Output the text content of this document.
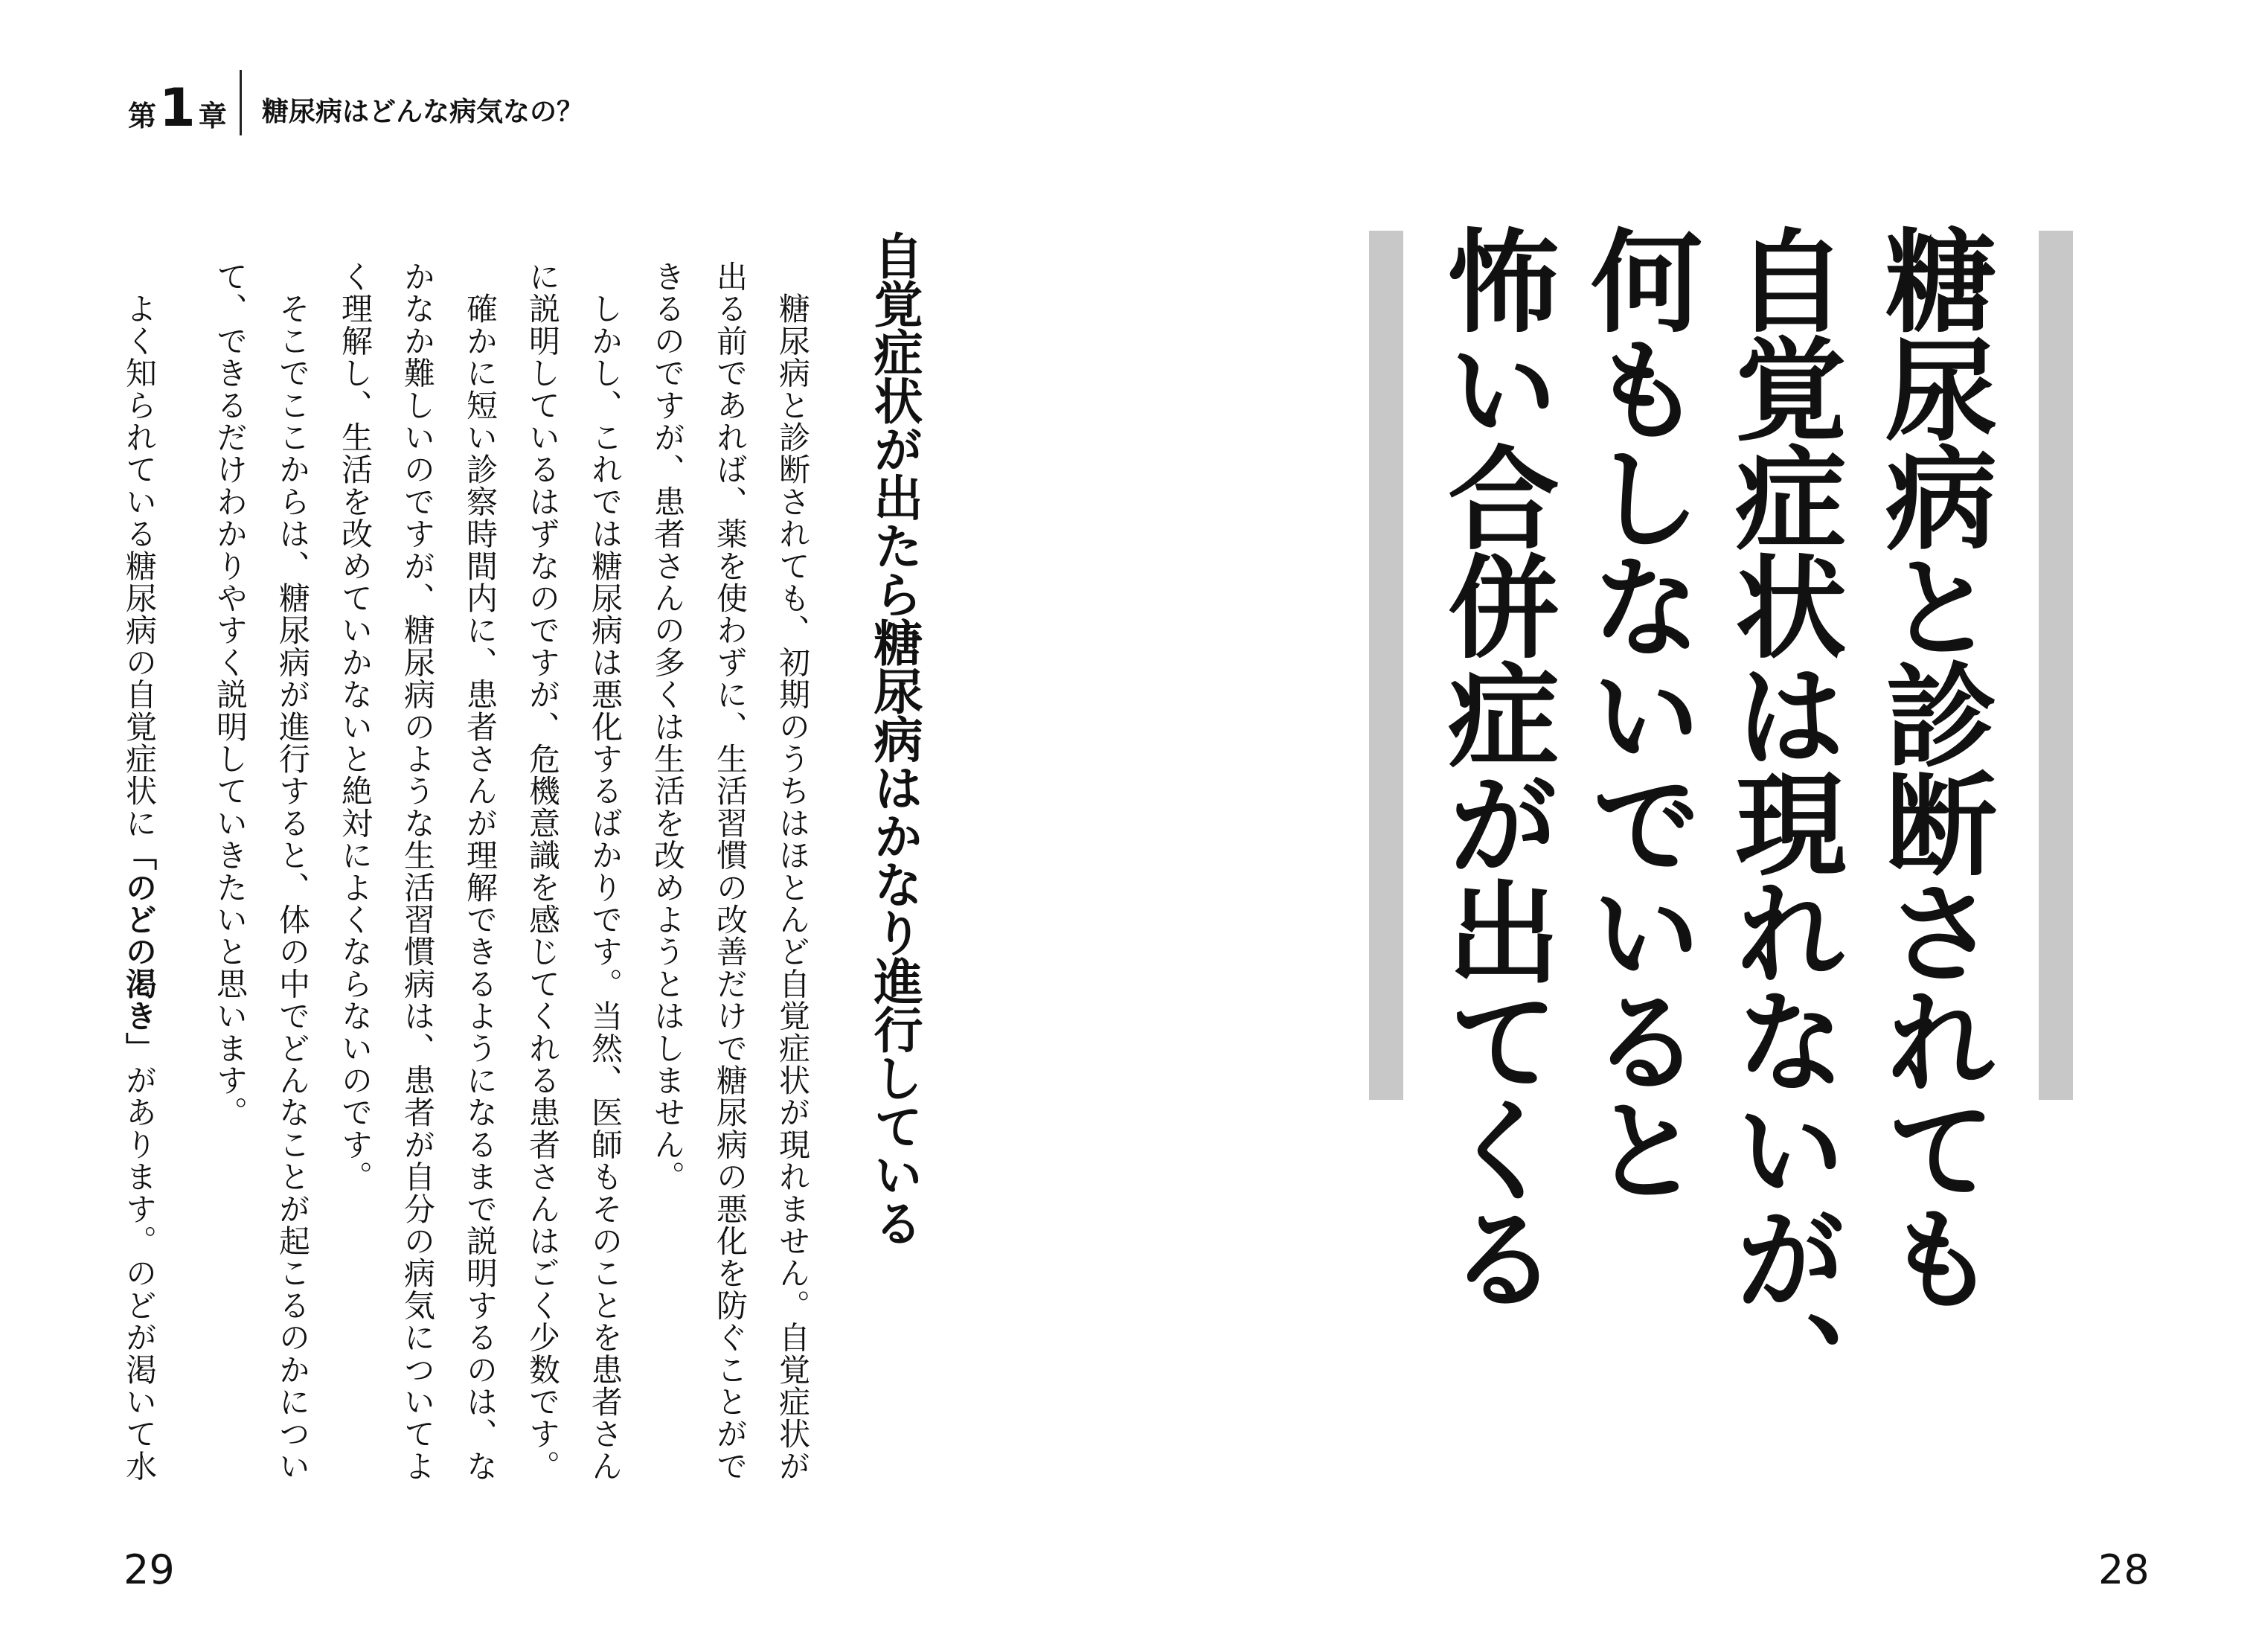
第 1 章 糖尿病はどんな病気なの？
糖尿病と診断されても
自覚症状は現れないが、
何もしないでいると
怖い合併症が出てくる
自覚症状が出たら糖尿病はかなり進行している
　糖尿病と診断されても、初期のうちはほとんど自覚症状が現れません。自覚症状が
出る前であれば、薬を使わずに、生活習慣の改善だけで糖尿病の悪化を防ぐことがで
きるのですが、患者さんの多くは生活を改めようとはしません。
　しかし、これでは糖尿病は悪化するばかりです。当然、医師もそのことを患者さん
に説明しているはずなのですが、危機意識を感じてくれる患者さんはごく少数です。
　確かに短い診察時間内に、患者さんが理解できるようになるまで説明するのは、な
かなか難しいのですが、糖尿病のような生活習慣病は、患者が自分の病気についてよ
く理解し、生活を改めていかないと絶対によくならないのです。
　そこでここからは、糖尿病が進行すると、体の中でどんなことが起こるのかについ
て、できるだけわかりやすく説明していきたいと思います。
　よく知られている糖尿病の自覚症状に「のどの渇き」があります。のどが渇いて水
29	28
